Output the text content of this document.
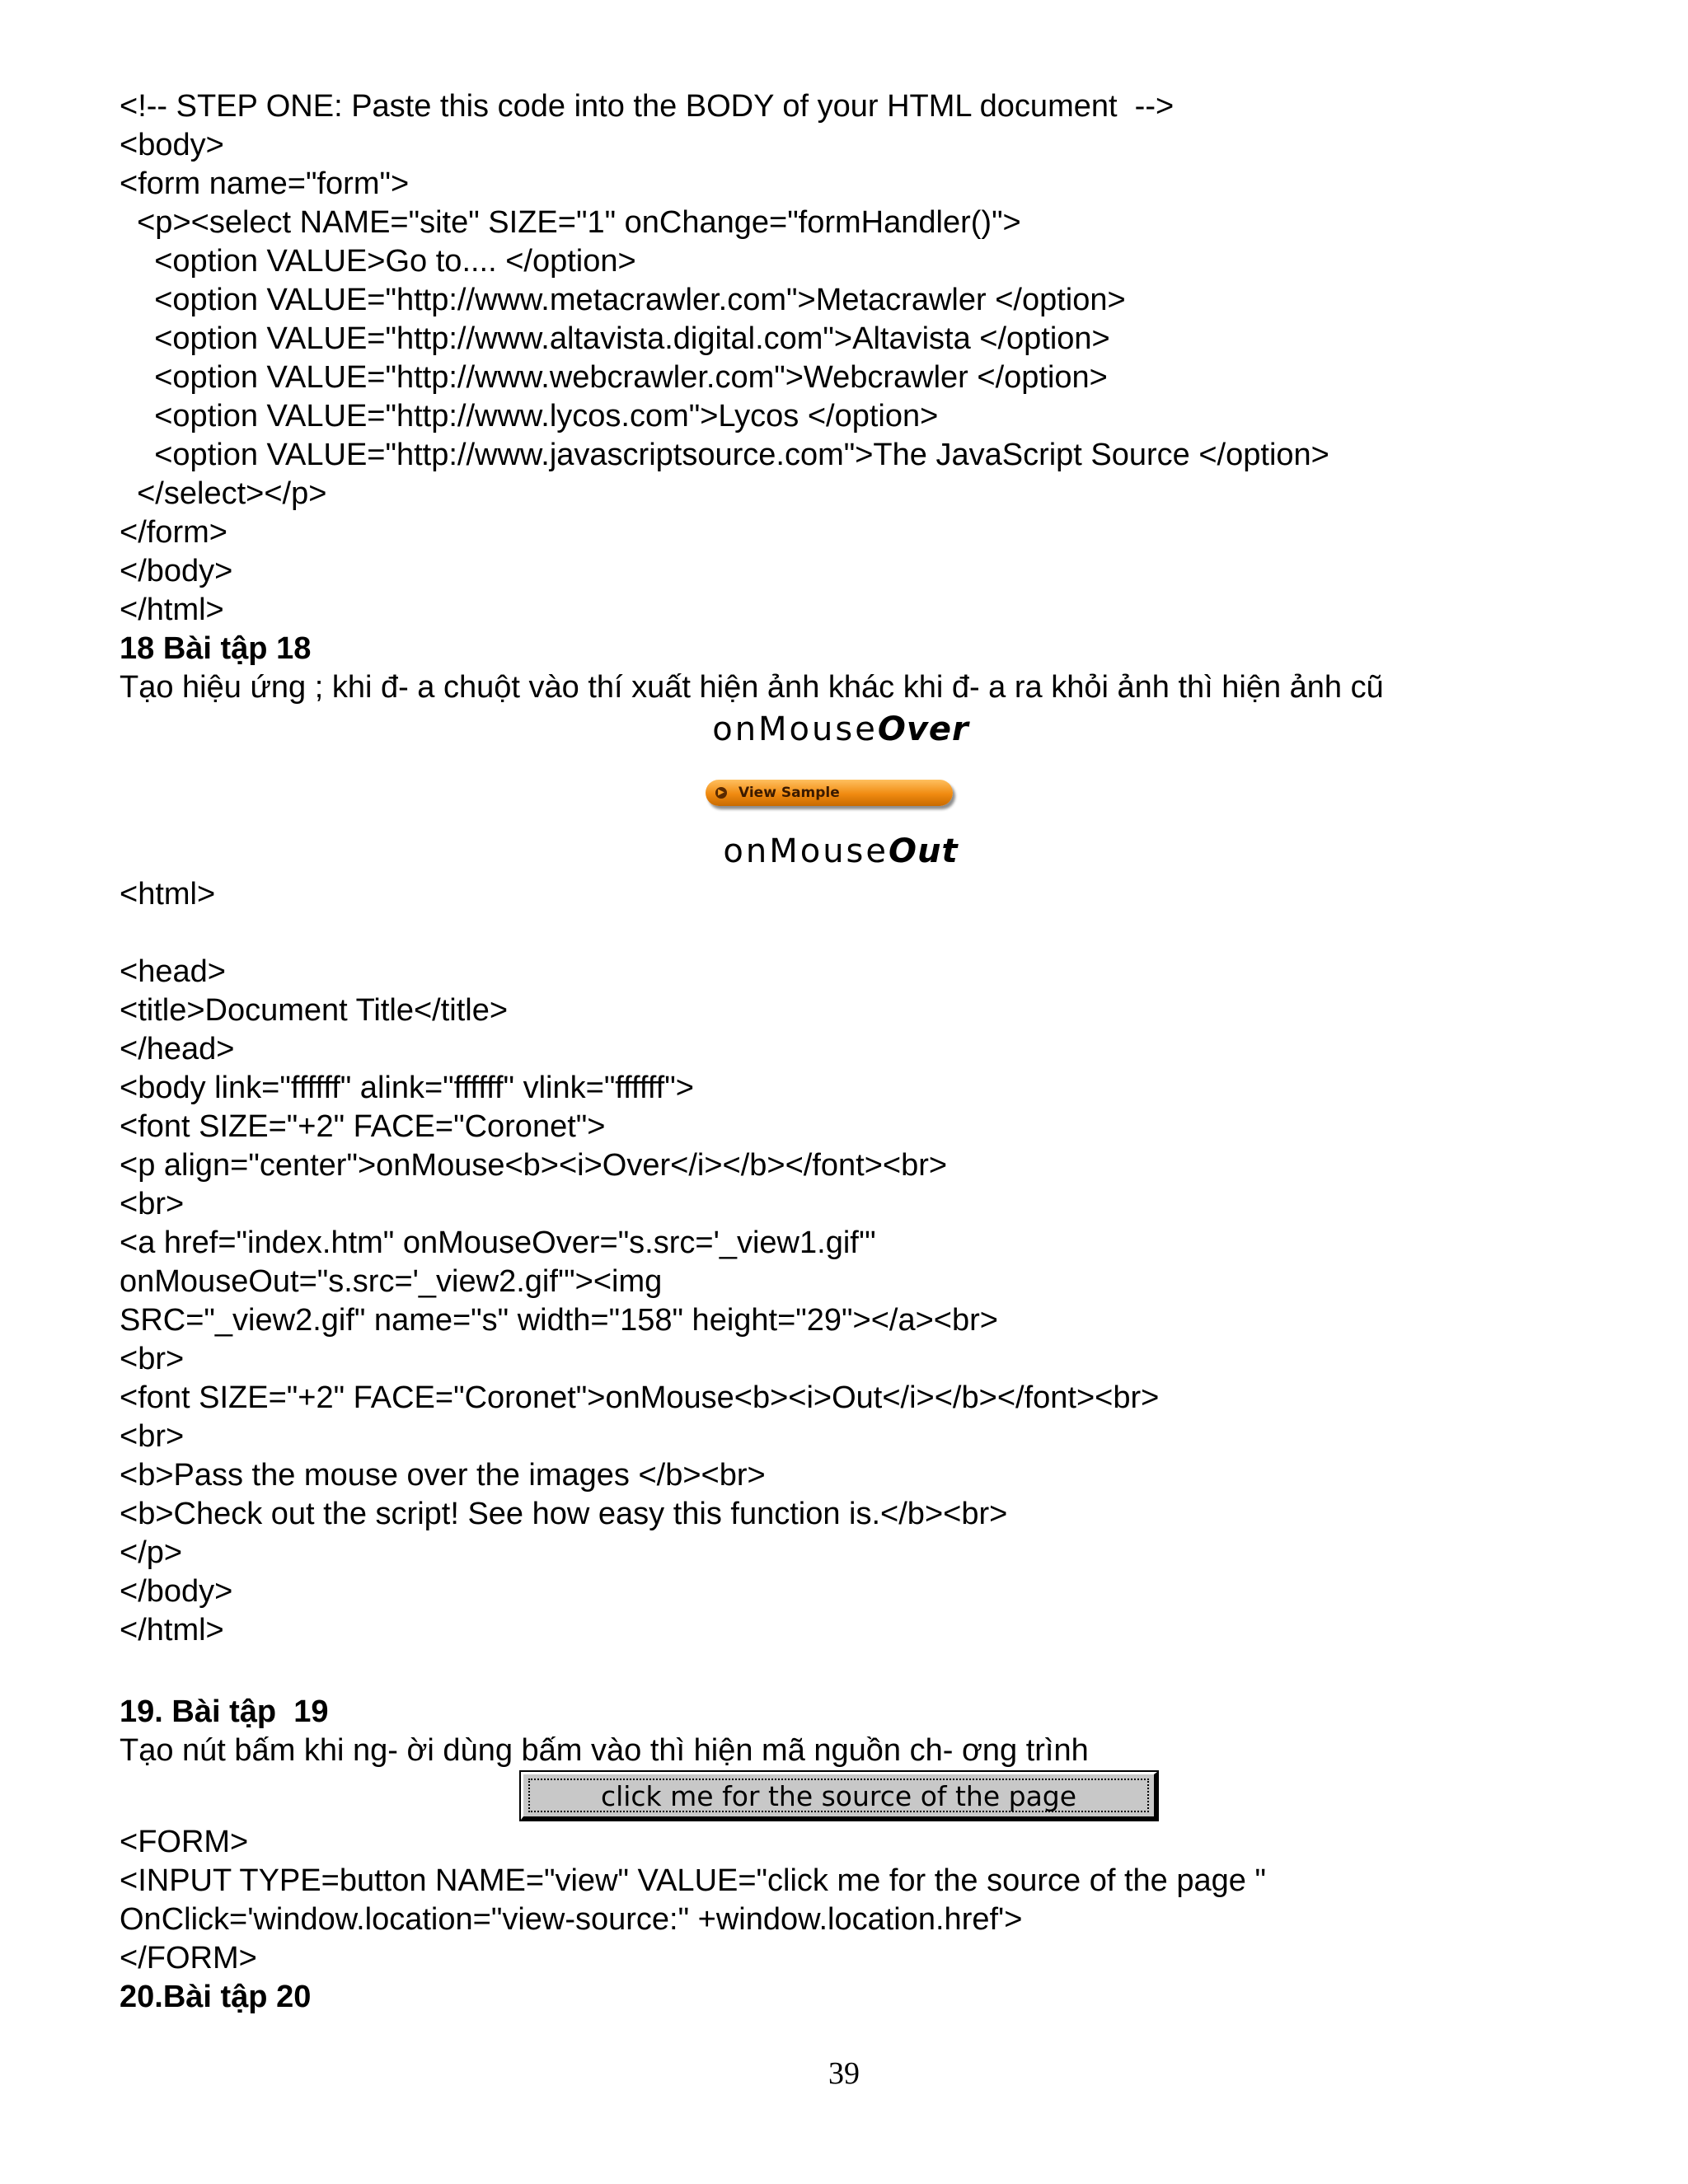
<!-- STEP ONE: Paste this code into the BODY of your HTML document  -->
<body>
<form name="form">
<p><select NAME="site" SIZE="1" onChange="formHandler()">
<option VALUE>Go to.... </option>
<option VALUE="http://www.metacrawler.com">Metacrawler </option>
<option VALUE="http://www.altavista.digital.com">Altavista </option>
<option VALUE="http://www.webcrawler.com">Webcrawler </option>
<option VALUE="http://www.lycos.com">Lycos </option>
<option VALUE="http://www.javascriptsource.com">The JavaScript Source </option>
</select></p>
</form>
</body>
</html>
18 Bài tập 18
Tạo hiệu ứng ; khi đ- a chuột vào thí xuất hiện ảnh khác khi đ- a ra khỏi ảnh thì hiện ảnh cũ
onMouseOver
▶ View Sample
onMouseOut
<html>
<head>
<title>Document Title</title>
</head>
<body link="ffffff" alink="ffffff" vlink="ffffff">
<font SIZE="+2" FACE="Coronet">
<p align="center">onMouse<b><i>Over</i></b></font><br>
<br>
<a href="index.htm" onMouseOver="s.src='_view1.gif'"
onMouseOut="s.src='_view2.gif'"><img
SRC="_view2.gif" name="s" width="158" height="29"></a><br>
<br>
<font SIZE="+2" FACE="Coronet">onMouse<b><i>Out</i></b></font><br>
<br>
<b>Pass the mouse over the images </b><br>
<b>Check out the script! See how easy this function is.</b><br>
</p>
</body>
</html>
19. Bài tập  19
Tạo nút bấm khi ng- ời dùng bấm vào thì hiện mã nguồn ch- ơng trình
click me for the source of the page
<FORM>
<INPUT TYPE=button NAME="view" VALUE="click me for the source of the page "
OnClick='window.location="view-source:" +window.location.href'>
</FORM>
20.Bài tập 20
39
